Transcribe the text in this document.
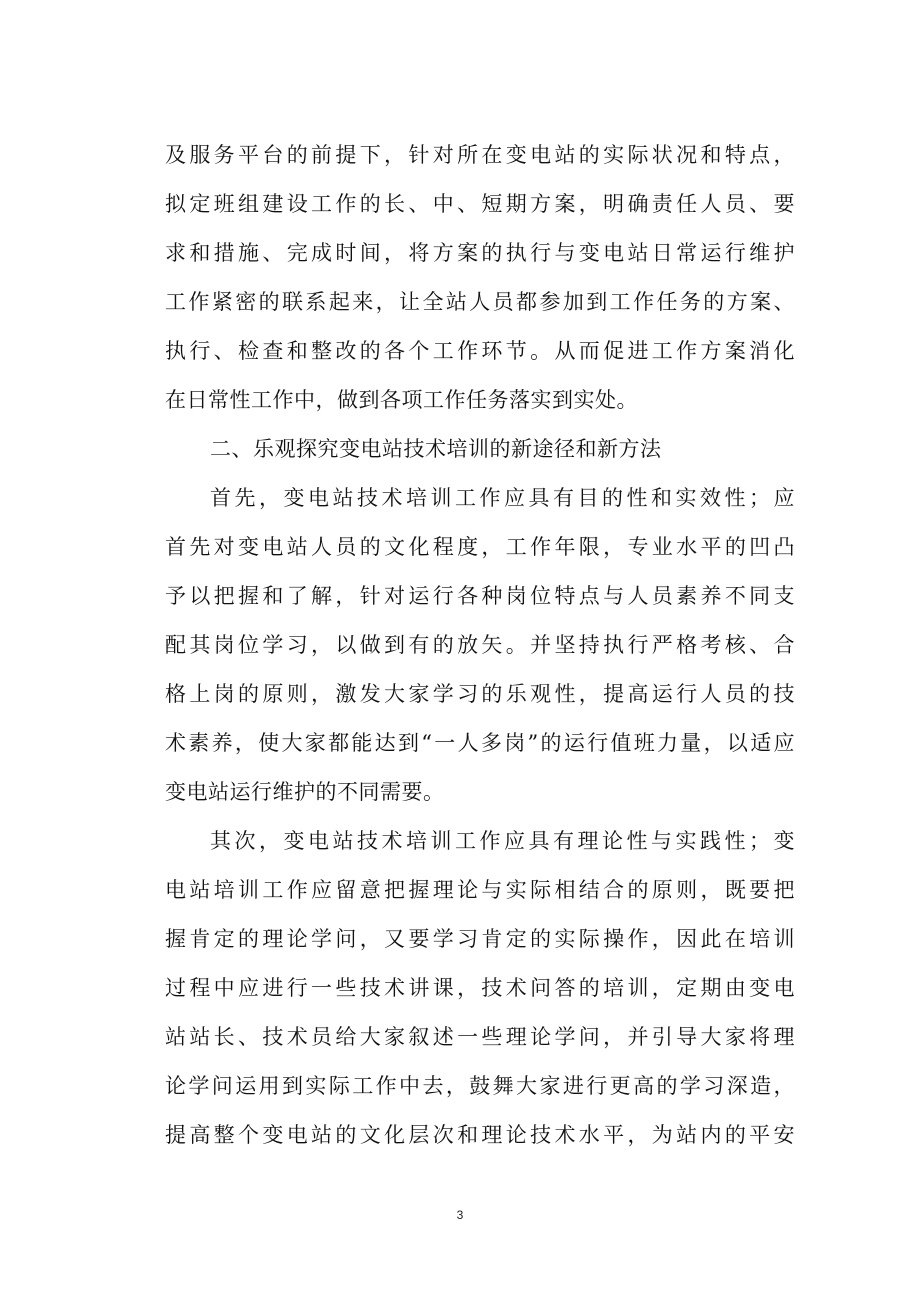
及服务平台的前提下，针对所在变电站的实际状况和特点，
拟定班组建设工作的长、中、短期方案，明确责任人员、要
求和措施、完成时间，将方案的执行与变电站日常运行维护
工作紧密的联系起来，让全站人员都参加到工作任务的方案、
执行、检查和整改的各个工作环节。从而促进工作方案消化
在日常性工作中，做到各项工作任务落实到实处。
二、乐观探究变电站技术培训的新途径和新方法
首先，变电站技术培训工作应具有目的性和实效性；应
首先对变电站人员的文化程度，工作年限，专业水平的凹凸
予以把握和了解，针对运行各种岗位特点与人员素养不同支
配其岗位学习，以做到有的放矢。并坚持执行严格考核、合
格上岗的原则，激发大家学习的乐观性，提高运行人员的技
术素养，使大家都能达到“一人多岗”的运行值班力量，以适应
变电站运行维护的不同需要。
其次，变电站技术培训工作应具有理论性与实践性；变
电站培训工作应留意把握理论与实际相结合的原则，既要把
握肯定的理论学问，又要学习肯定的实际操作，因此在培训
过程中应进行一些技术讲课，技术问答的培训，定期由变电
站站长、技术员给大家叙述一些理论学问，并引导大家将理
论学问运用到实际工作中去，鼓舞大家进行更高的学习深造，
提高整个变电站的文化层次和理论技术水平，为站内的平安
3
